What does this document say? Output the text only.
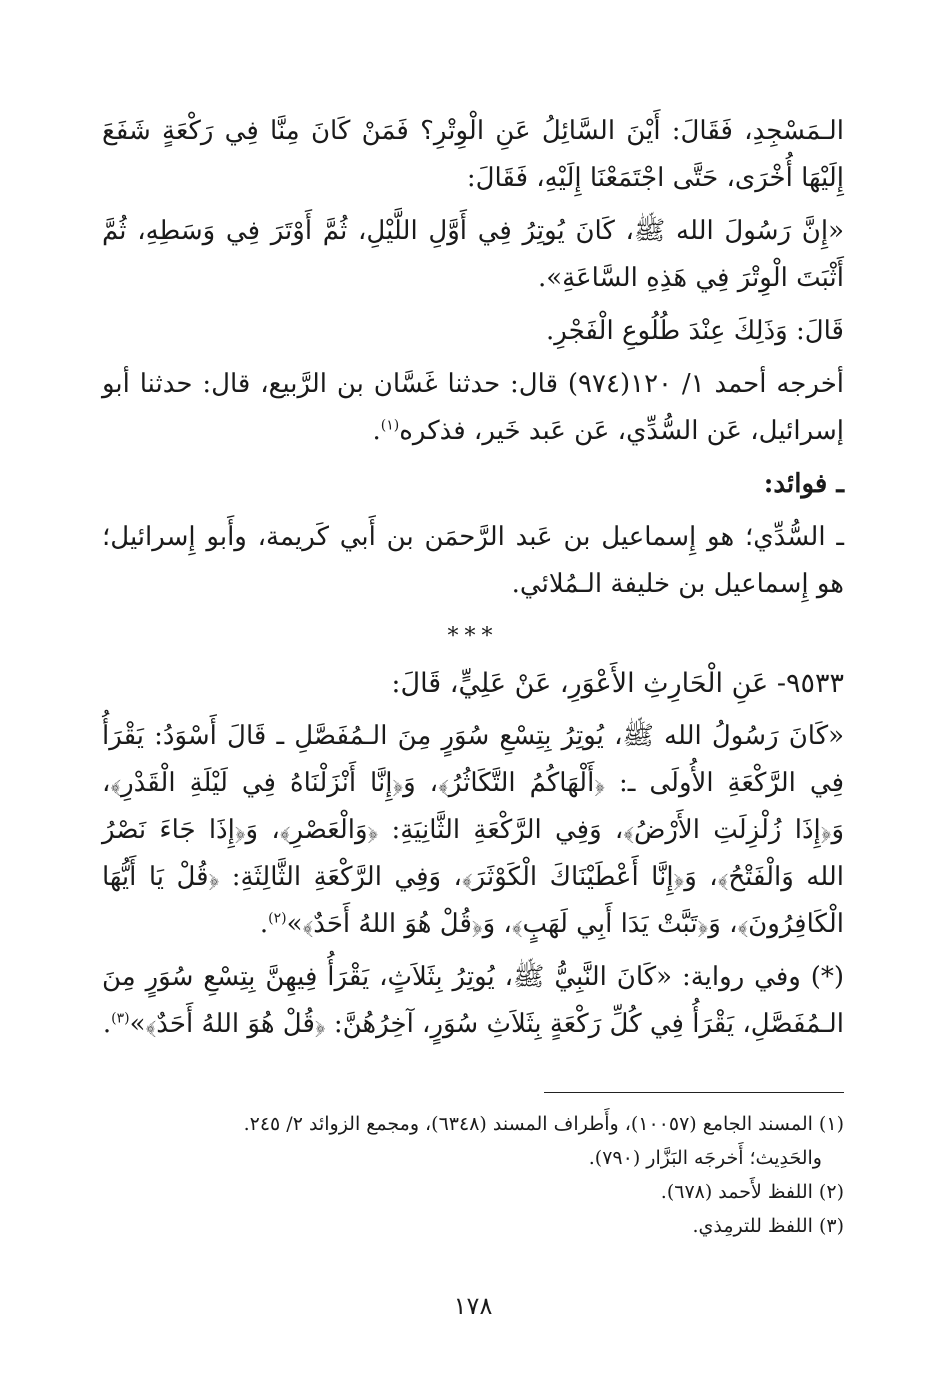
الـمَسْجِدِ، فَقَالَ: أَيْنَ السَّائِلُ عَنِ الْوِتْرِ؟ فَمَنْ كَانَ مِنَّا فِي رَكْعَةٍ شَفَعَ إِلَيْهَا أُخْرَى، حَتَّى اجْتَمَعْنَا إِلَيْهِ، فَقَالَ:

«إِنَّ رَسُولَ الله ﷺ، كَانَ يُوتِرُ فِي أَوَّلِ اللَّيْلِ، ثُمَّ أَوْتَرَ فِي وَسَطِهِ، ثُمَّ أَثْبَتَ الْوِتْرَ فِي هَذِهِ السَّاعَةِ».

قَالَ: وَذَلِكَ عِنْدَ طُلُوعِ الْفَجْرِ.

أخرجه أحمد ١/ ١٢٠(٩٧٤) قال: حدثنا غَسَّان بن الرَّبيع، قال: حدثنا أبو إسرائيل، عَن السُّدِّي، عَن عَبد خَير، فذكره$^{(١)}$.

ـ فوائد:

ـ السُّدِّي؛ هو إِسماعيل بن عَبد الرَّحمَن بن أَبي كَريمة، وأَبو إِسرائيل؛ هو إِسماعيل بن خليفة الـمُلائي.

***

٩٥٣٣- عَنِ الْحَارِثِ الأَعْوَرِ، عَنْ عَلِيٍّ، قَالَ:

«كَانَ رَسُولُ الله ﷺ، يُوتِرُ بِتِسْعِ سُوَرٍ مِنَ الـمُفَصَّلِ ـ قَالَ أَسْوَدُ: يَقْرَأُ فِي الرَّكْعَةِ الأُولَى ـ: ﴿أَلْهَاكُمُ التَّكَاثُرُ﴾، وَ﴿إِنَّا أَنْزَلْنَاهُ فِي لَيْلَةِ الْقَدْرِ﴾، وَ﴿إِذَا زُلْزِلَتِ الأَرْضُ﴾، وَفِي الرَّكْعَةِ الثَّانِيَةِ: ﴿وَالْعَصْرِ﴾، وَ﴿إِذَا جَاءَ نَصْرُ الله وَالْفَتْحُ﴾، وَ﴿إِنَّا أَعْطَيْنَاكَ الْكَوْثَرَ﴾، وَفِي الرَّكْعَةِ الثَّالِثَةِ: ﴿قُلْ يَا أَيُّهَا الْكَافِرُونَ﴾، وَ﴿تَبَّتْ يَدَا أَبِي لَهَبٍ﴾، وَ﴿قُلْ هُوَ اللهُ أَحَدٌ﴾»$^{(٢)}$.

(*) وفي رواية: «كَانَ النَّبِيُّ ﷺ، يُوتِرُ بِثَلاَثٍ، يَقْرَأُ فِيهِنَّ بِتِسْعِ سُوَرٍ مِنَ الـمُفَصَّلِ، يَقْرَأُ فِي كُلِّ رَكْعَةٍ بِثَلاَثِ سُوَرٍ، آخِرُهُنَّ: ﴿قُلْ هُوَ اللهُ أَحَدٌ﴾»$^{(٣)}$.

(١) المسند الجامع (١٠٠٥٧)، وأَطراف المسند (٦٣٤٨)، ومجمع الزوائد ٢/ ٢٤٥.

والحَدِيث؛ أَخرجَه البَزَّار (٧٩٠).

(٢) اللفظ لأَحمد (٦٧٨).

(٣) اللفظ للترمِذي.

١٧٨
